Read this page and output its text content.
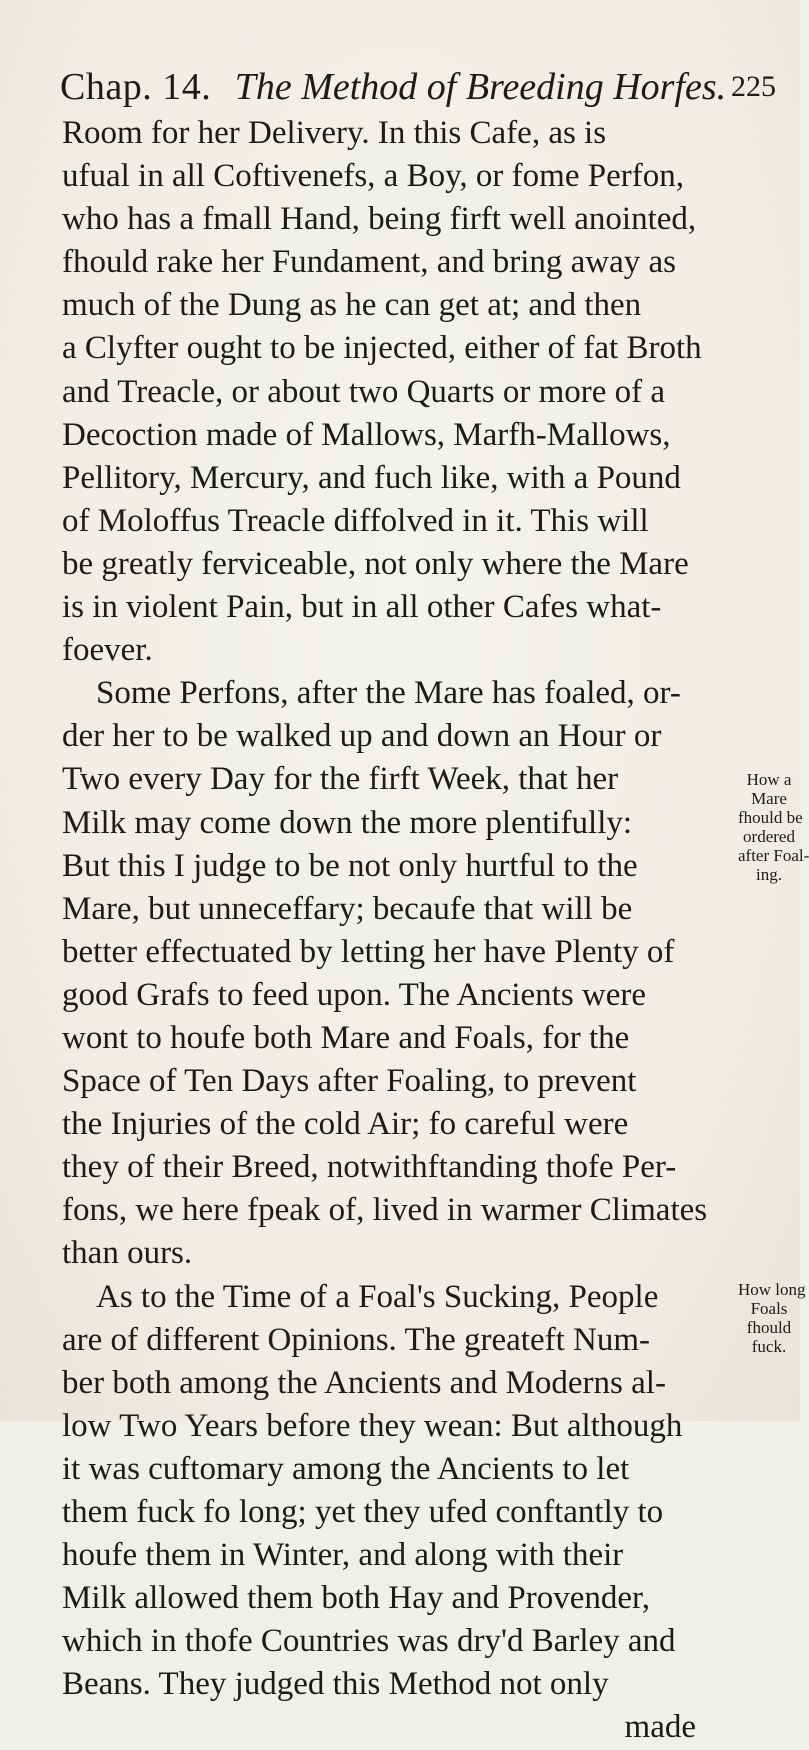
Chap. 14. The Method of Breeding Horfes. 225
Room for her Delivery. In this Cafe, as is
ufual in all Coftivenefs, a Boy, or fome Perfon,
who has a fmall Hand, being firft well anointed,
fhould rake her Fundament, and bring away as
much of the Dung as he can get at; and then
a Clyfter ought to be injected, either of fat Broth
and Treacle, or about two Quarts or more of a
Decoction made of Mallows, Marfh-Mallows,
Pellitory, Mercury, and fuch like, with a Pound
of Moloffus Treacle diffolved in it. This will
be greatly ferviceable, not only where the Mare
is in violent Pain, but in all other Cafes what-
foever.
Some Perfons, after the Mare has foaled, or-
der her to be walked up and down an Hour or
Two every Day for the firft Week, that her
Milk may come down the more plentifully:
But this I judge to be not only hurtful to the
Mare, but unneceffary; becaufe that will be
better effectuated by letting her have Plenty of
good Grafs to feed upon. The Ancients were
wont to houfe both Mare and Foals, for the
Space of Ten Days after Foaling, to prevent
the Injuries of the cold Air; fo careful were
they of their Breed, notwithftanding thofe Per-
fons, we here fpeak of, lived in warmer Climates
than ours.
As to the Time of a Foal's Sucking, People
are of different Opinions. The greateft Num-
ber both among the Ancients and Moderns al-
low Two Years before they wean: But although
it was cuftomary among the Ancients to let
them fuck fo long; yet they ufed conftantly to
houfe them in Winter, and along with their
Milk allowed them both Hay and Provender,
which in thofe Countries was dry'd Barley and
Beans. They judged this Method not only
made
How a
Mare
fhould be
ordered
after Foal-
ing.
How long
Foals
fhould
fuck.
